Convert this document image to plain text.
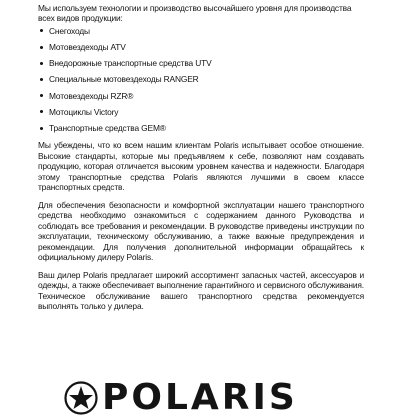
Мы используем технологии и производство высочайшего уровня для производства всех видов продукции:

Снегоходы
Мотовездеходы ATV
Внедорожные транспортные средства UTV
Специальные мотовездеходы RANGER
Мотовездеходы RZR®
Мотоциклы Victory
Транспортные средства GEM®

Мы убеждены, что ко всем нашим клиентам Polaris испытывает особое отношение. Высокие стандарты, которые мы предъявляем к себе, позволяют нам создавать продукцию, которая отличается высоким уровнем качества и надежности. Благодаря этому транспортные средства Polaris являются лучшими в своем классе транспортных средств.

Для обеспечения безопасности и комфортной эксплуатации нашего транспортного средства необходимо ознакомиться с содержанием данного Руководства и соблюдать все требования и рекомендации. В руководстве приведены инструкции по эксплуатации, техническому обслуживанию, а также важные предупреждения и рекомендации. Для получения дополнительной информации обращайтесь к официальному дилеру Polaris.

Ваш дилер Polaris предлагает широкий ассортимент запасных частей, аксессуаров и одежды, а также обеспечивает выполнение гарантийного и сервисного обслуживания. Техническое обслуживание вашего транспортного средства рекомендуется выполнять только у дилера.

POLARIS
